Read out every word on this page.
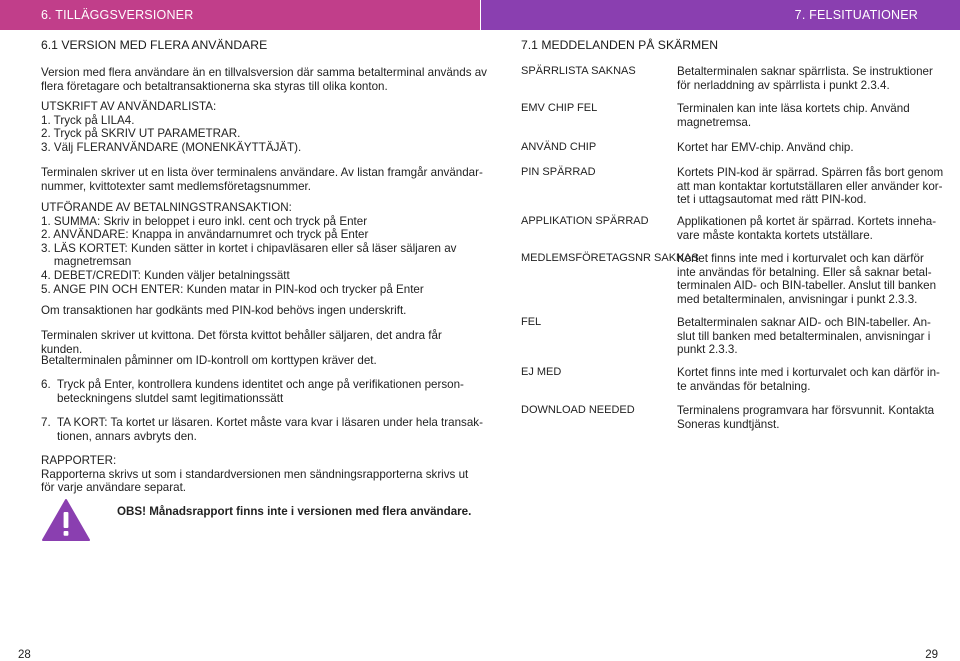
6. TILLÄGGSVERSIONER	7. FELSITUATIONER
6.1 VERSION MED FLERA ANVÄNDARE
Version med flera användare än en tillvalsversion där samma betalterminal används av
flera företagare och betaltransaktionerna ska styras till olika konton.
UTSKRIFT AV ANVÄNDARLISTA:
1. Tryck på LILA4.
2. Tryck på SKRIV UT PARAMETRAR.
3. Välj FLERANVÄNDARE (MONENKÄYTTÄJÄT).
Terminalen skriver ut en lista över terminalens användare. Av listan framgår användar-
nummer, kvittotexter samt medlemsföretagsnummer.
UTFÖRANDE AV BETALNINGSTRANSAKTION:
1. SUMMA: Skriv in beloppet i euro inkl. cent och tryck på Enter
2. ANVÄNDARE: Knappa in användarnumret och tryck på Enter
3. LÄS KORTET: Kunden sätter in kortet i chipavläsaren eller så läser säljaren av
magnetremsan
4. DEBET/CREDIT: Kunden väljer betalningssätt
5. ANGE PIN OCH ENTER: Kunden matar in PIN-kod och trycker på Enter
Om transaktionen har godkänts med PIN-kod behövs ingen underskrift.
Terminalen skriver ut kvittona. Det första kvittot behåller säljaren, det andra får kunden.
Betalterminalen påminner om ID-kontroll om korttypen kräver det.
6. Tryck på Enter, kontrollera kundens identitet och ange på verifikationen person-
beteckningens slutdel samt legitimationssätt
7. TA KORT: Ta kortet ur läsaren. Kortet måste vara kvar i läsaren under hela transak-
tionen, annars avbryts den.
RAPPORTER:
Rapporterna skrivs ut som i standardversionen men sändningsrapporterna skrivs ut
för varje användare separat.
OBS! Månadsrapport finns inte i versionen med flera användare.
7.1 MEDDELANDEN PÅ SKÄRMEN
SPÄRRLISTA SAKNAS	Betalterminalen saknar spärrlista. Se instruktioner
för nerladdning av spärrlista i punkt 2.3.4.
EMV CHIP FEL	Terminalen kan inte läsa kortets chip. Använd
magnetremsa.
ANVÄND CHIP	Kortet har EMV-chip. Använd chip.
PIN SPÄRRAD	Kortets PIN-kod är spärrad. Spärren fås bort genom
att man kontaktar kortutställaren eller använder kor-
tet i uttagsautomat med rätt PIN-kod.
APPLIKATION SPÄRRAD Applikationen på kortet är spärrad. Kortets inneha-
vare måste kontakta kortets utställare.
MEDLEMSFÖRETAGSNR SAKNAS
Kortet finns inte med i korturvalet och kan därför
inte användas för betalning. Eller så saknar betal-
terminalen AID- och BIN-tabeller. Anslut till banken
med betalterminalen, anvisningar i punkt 2.3.3.
FEL	Betalterminalen saknar AID- och BIN-tabeller. An-
slut till banken med betalterminalen, anvisningar i
punkt 2.3.3.
EJ MED	Kortet finns inte med i korturvalet och kan därför in-
te användas för betalning.
DOWNLOAD NEEDED	Terminalens programvara har försvunnit. Kontakta
Soneras kundtjänst.
28	29
